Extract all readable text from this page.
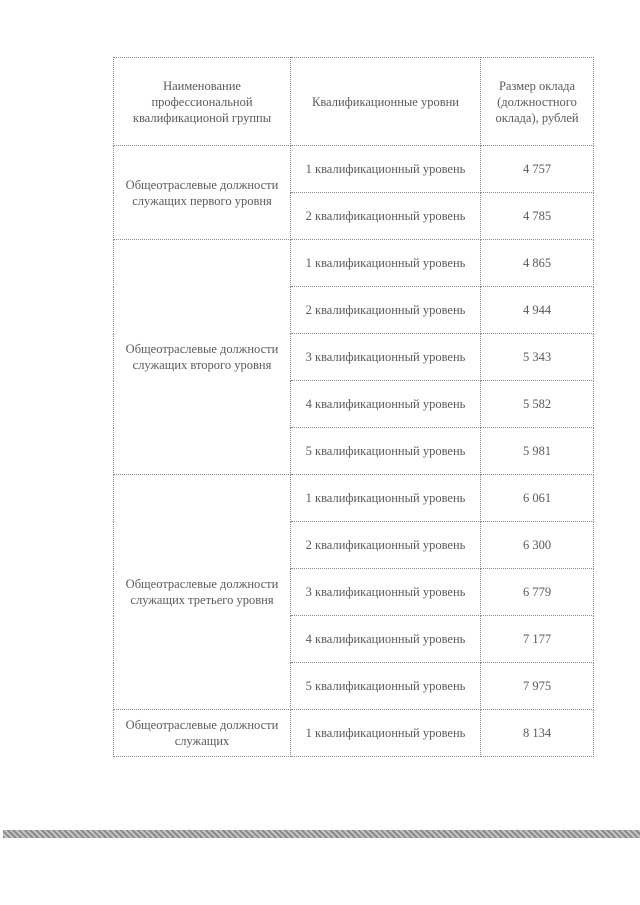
Наименование профессиональной квалификационой группы	Квалификационные уровни	Размер оклада (должностного оклада), рублей
Общеотраслевые должности служащих первого уровня	1 квалификационный уровень	4 757
	2 квалификационный уровень	4 785
Общеотраслевые должности служащих второго уровня	1 квалификационный уровень	4 865
	2 квалификационный уровень	4 944
	3 квалификационный уровень	5 343
	4 квалификационный уровень	5 582
	5 квалификационный уровень	5 981
Общеотраслевые должности служащих третьего уровня	1 квалификационный уровень	6 061
	2 квалификационный уровень	6 300
	3 квалификационный уровень	6 779
	4 квалификационный уровень	7 177
	5 квалификационный уровень	7 975
Общеотраслевые должности служащих	1 квалификационный уровень	8 134
